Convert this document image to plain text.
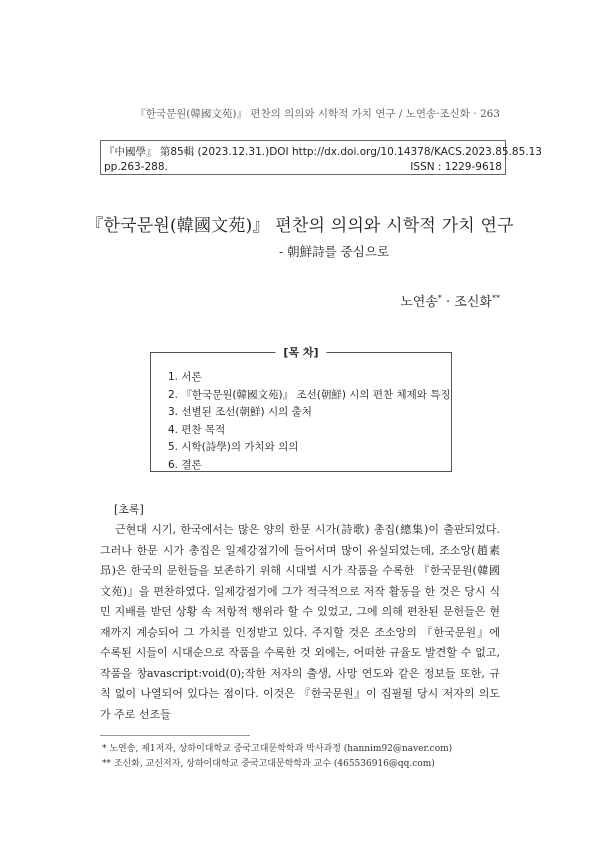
『한국문원(韓國文苑)』 편찬의 의의와 시학적 가치 연구 / 노연송·조신화 · 263
『中國學』 第85輯 (2023.12.31.) DOI http://dx.doi.org/10.14378/KACS.2023.85.85.13
pp.263-288.	ISSN : 1229-9618
『한국문원(韓國文苑)』 편찬의 의의와 시학적 가치 연구
- 朝鮮詩를 중심으로
노연송* · 조신화**
[목 차]
1. 서론
2. 『한국문원(韓國文苑)』 조선(朝鮮) 시의 편찬 체제와 특징
3. 선별된 조선(朝鮮) 시의 출처
4. 편찬 목적
5. 시학(詩學)의 가치와 의의
6. 결론
[초록]

근현대 시기, 한국에서는 많은 양의 한문 시가(詩歌) 총집(總集)이 출판되었다. 그러나 한문 시가 총집은 일제강점기에 들어서며 많이 유실되었는데, 조소앙(趙素昻)은 한국의 문헌들을 보존하기 위해 시대별 시가 작품을 수록한 『한국문원(韓國文苑)』을 편찬하였다. 일제강점기에 그가 적극적으로 저작 활동을 한 것은 당시 식민 지배를 받던 상황 속 저항적 행위라 할 수 있었고, 그에 의해 편찬된 문헌들은 현재까지 계승되어 그 가치를 인정받고 있다. 주지할 것은 조소앙의 『한국문원』에 수록된 시들이 시대순으로 작품을 수록한 것 외에는, 어떠한 규율도 발견할 수 없고, 작품을 창avascript:void(0);작한 저자의 출생, 사망 연도와 같은 정보들 또한, 규칙 없이 나열되어 있다는 점이다. 이것은 『한국문원』이 집필될 당시 저자의 의도가 주로 선조들

* 노연송, 제1저자, 상하이대학교 중국고대문학학과 박사과정 (hannim92@naver.com)
** 조신화, 교신저자, 상하이대학교 중국고대문학학과 교수 (465536916@qq.com)
